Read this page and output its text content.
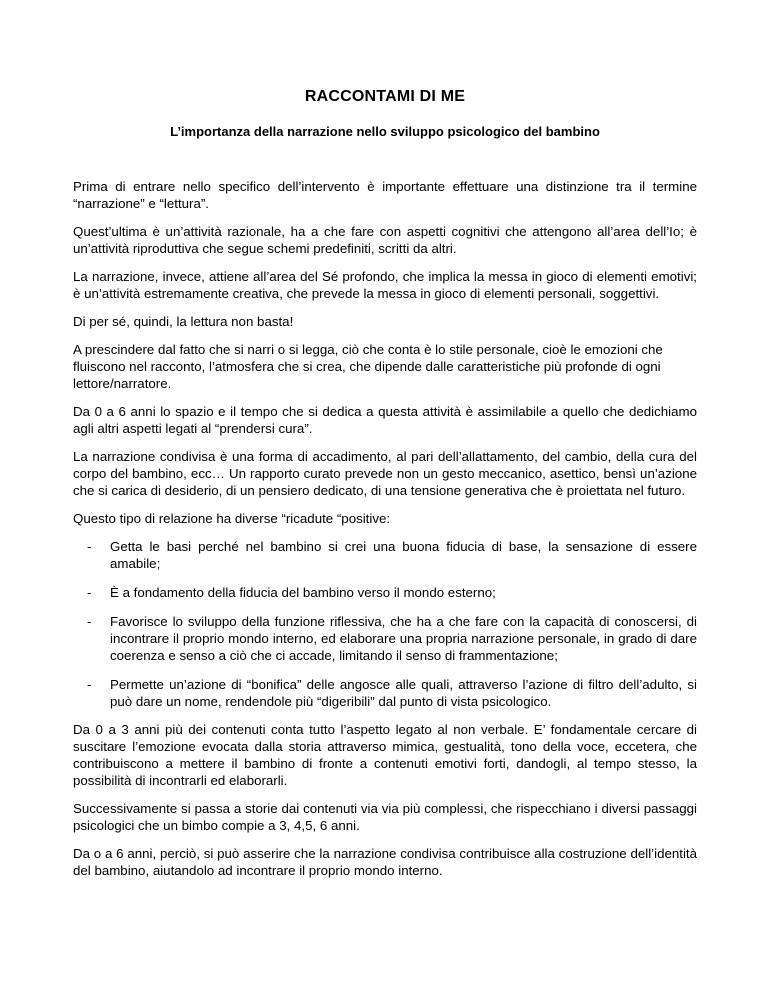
RACCONTAMI DI ME
L’importanza della narrazione nello sviluppo psicologico del bambino

Prima di entrare nello specifico dell’intervento è importante effettuare una distinzione tra il termine “narrazione” e “lettura”.

Quest’ultima è un’attività razionale, ha a che fare con aspetti cognitivi che attengono all’area dell’Io; è un’attività riproduttiva che segue schemi predefiniti, scritti da altri.

La narrazione, invece, attiene all’area del Sé profondo, che implica la messa in gioco di elementi emotivi; è un’attività estremamente creativa, che prevede la messa in gioco di elementi personali, soggettivi.

Di per sé, quindi, la lettura non basta!

A prescindere dal fatto che si narri o si legga, ciò che conta è lo stile personale, cioè le emozioni che fluiscono nel racconto, l’atmosfera che si crea, che dipende dalle caratteristiche più profonde di ogni lettore/narratore.

Da 0 a 6 anni lo spazio e il tempo che si dedica a questa attività è assimilabile a quello che dedichiamo agli altri aspetti legati al “prendersi cura”.

La narrazione condivisa è una forma di accadimento, al pari dell’allattamento, del cambio, della cura del corpo del bambino, ecc… Un rapporto curato prevede non un gesto meccanico, asettico, bensì un’azione che si carica di desiderio, di un pensiero dedicato, di una tensione generativa che è proiettata nel futuro.

Questo tipo di relazione ha diverse “ricadute “positive:

- Getta le basi perché nel bambino si crei una buona fiducia di base, la sensazione di essere amabile;
- È a fondamento della fiducia del bambino verso il mondo esterno;
- Favorisce lo sviluppo della funzione riflessiva, che ha a che fare con la capacità di conoscersi, di incontrare il proprio mondo interno, ed elaborare una propria narrazione personale, in grado di dare coerenza e senso a ciò che ci accade, limitando il senso di frammentazione;
- Permette un’azione di “bonifica” delle angosce alle quali, attraverso l’azione di filtro dell’adulto, si può dare un nome, rendendole più “digeribili” dal punto di vista psicologico.

Da 0 a 3 anni più dei contenuti conta tutto l’aspetto legato al non verbale. E’ fondamentale cercare di suscitare l’emozione evocata dalla storia attraverso mimica, gestualità, tono della voce, eccetera, che contribuiscono a mettere il bambino di fronte a contenuti emotivi forti, dandogli, al tempo stesso, la possibilità di incontrarli ed elaborarli.

Successivamente si passa a storie dai contenuti via via più complessi, che rispecchiano i diversi passaggi psicologici che un bimbo compie a 3, 4,5, 6 anni.

Da o a 6 anni, perciò, si può asserire che la narrazione condivisa contribuisce alla costruzione dell’identità del bambino, aiutandolo ad incontrare il proprio mondo interno.
